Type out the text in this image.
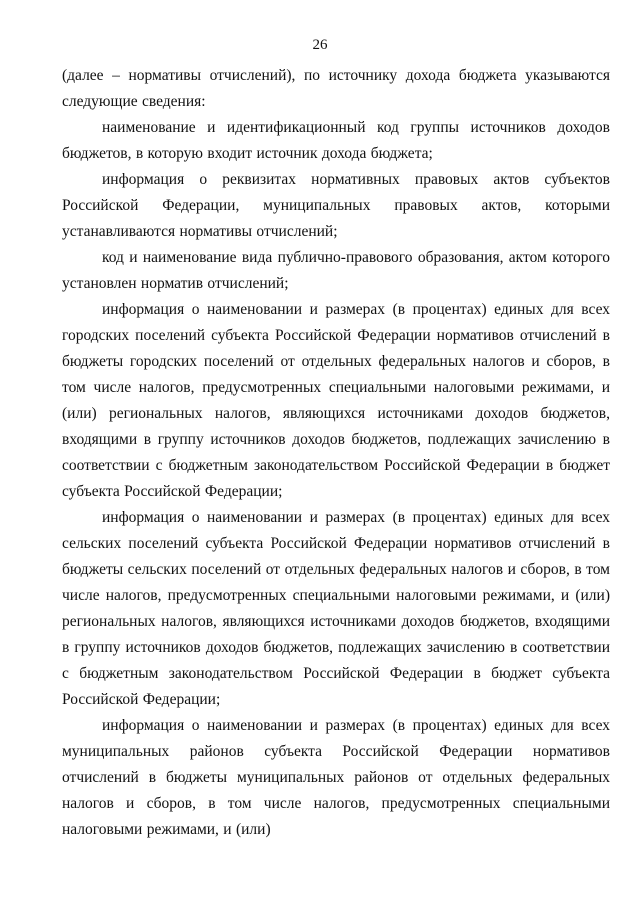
26

(далее – нормативы отчислений), по источнику дохода бюджета указываются следующие сведения:

наименование и идентификационный код группы источников доходов бюджетов, в которую входит источник дохода бюджета;

информация о реквизитах нормативных правовых актов субъектов Российской Федерации, муниципальных правовых актов, которыми устанавливаются нормативы отчислений;

код и наименование вида публично-правового образования, актом которого установлен норматив отчислений;

информация о наименовании и размерах (в процентах) единых для всех городских поселений субъекта Российской Федерации нормативов отчислений в бюджеты городских поселений от отдельных федеральных налогов и сборов, в том числе налогов, предусмотренных специальными налоговыми режимами, и (или) региональных налогов, являющихся источниками доходов бюджетов, входящими в группу источников доходов бюджетов, подлежащих зачислению в соответствии с бюджетным законодательством Российской Федерации в бюджет субъекта Российской Федерации;

информация о наименовании и размерах (в процентах) единых для всех сельских поселений субъекта Российской Федерации нормативов отчислений в бюджеты сельских поселений от отдельных федеральных налогов и сборов, в том числе налогов, предусмотренных специальными налоговыми режимами, и (или) региональных налогов, являющихся источниками доходов бюджетов, входящими в группу источников доходов бюджетов, подлежащих зачислению в соответствии с бюджетным законодательством Российской Федерации в бюджет субъекта Российской Федерации;

информация о наименовании и размерах (в процентах) единых для всех муниципальных районов субъекта Российской Федерации нормативов отчислений в бюджеты муниципальных районов от отдельных федеральных налогов и сборов, в том числе налогов, предусмотренных специальными налоговыми режимами, и (или)
